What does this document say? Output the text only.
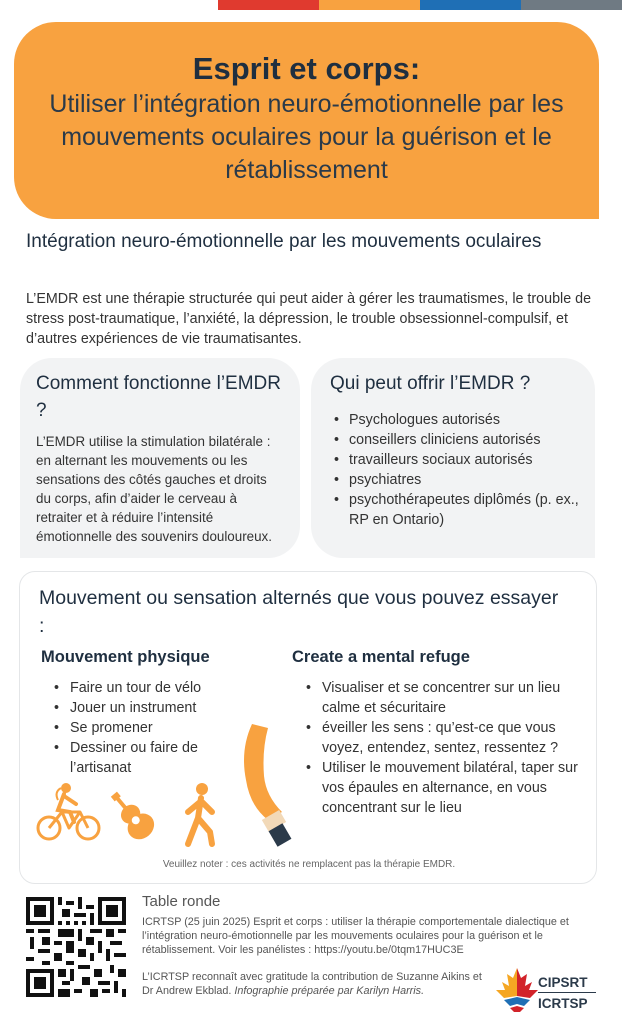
Esprit et corps:
Utiliser l’intégration neuro-émotionnelle par les mouvements oculaires pour la guérison et le rétablissement
Intégration neuro-émotionnelle par les mouvements oculaires
L’EMDR est une thérapie structurée qui peut aider à gérer les traumatismes, le trouble de stress post-traumatique, l’anxiété, la dépression, le trouble obsessionnel-compulsif, et d’autres expériences de vie traumatisantes.
Comment fonctionne l’EMDR ?
L’EMDR utilise la stimulation bilatérale : en alternant les mouvements ou les sensations des côtés gauches et droits du corps, afin d’aider le cerveau à retraiter et à réduire l’intensité émotionnelle des souvenirs douloureux.
Qui peut offrir l’EMDR ?
• Psychologues autorisés
• conseillers cliniciens autorisés
• travailleurs sociaux autorisés
• psychiatres
• psychothérapeutes diplômés (p. ex., RP en Ontario)
Mouvement ou sensation alternés que vous pouvez essayer :
Mouvement physique
• Faire un tour de vélo
• Jouer un instrument
• Se promener
• Dessiner ou faire de l’artisanat
Create a mental refuge
• Visualiser et se concentrer sur un lieu calme et sécuritaire
• éveiller les sens : qu’est-ce que vous voyez, entendez, sentez, ressentez ?
• Utiliser le mouvement bilatéral, taper sur vos épaules en alternance, en vous concentrant sur le lieu
Veuillez noter : ces activités ne remplacent pas la thérapie EMDR.
Table ronde
ICRTSP (25 juin 2025) Esprit et corps : utiliser la thérapie comportementale dialectique et l’intégration neuro-émotionnelle par les mouvements oculaires pour la guérison et le rétablissement. Voir les panélistes : https://youtu.be/0tqm17HUC3E
L’ICRTSP reconnaît avec gratitude la contribution de Suzanne Aikins et Dr Andrew Ekblad. Infographie préparée par Karilyn Harris.
CIPSRT
ICRTSP
